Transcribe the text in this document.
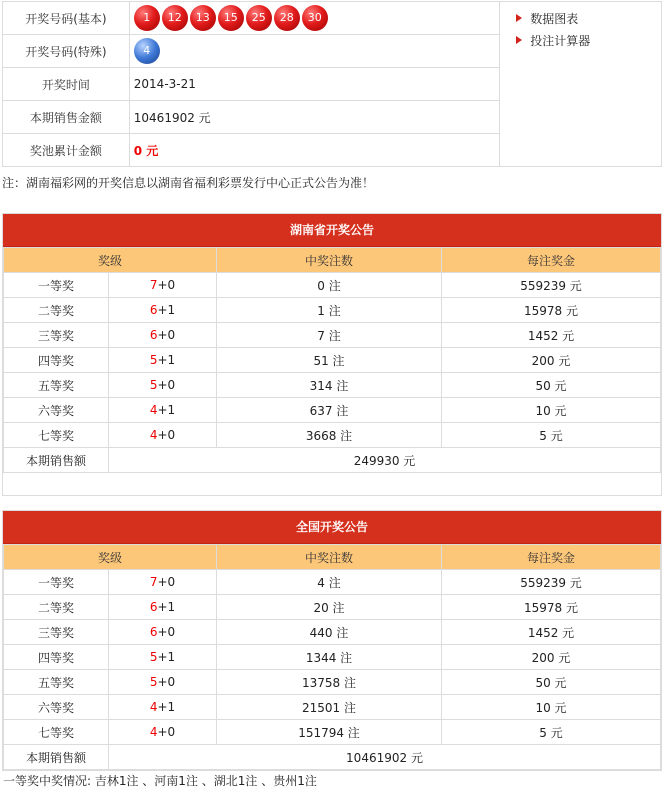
开奖号码(基本)	1 12 13 15 25 28 30	数据图表
投注计算器

开奖号码(特殊)	4	
开奖时间	2014-3-21	
本期销售金额	10461902 元	
奖池累计金额	0 元	
注：湖南福彩网的开奖信息以湖南省福利彩票发行中心正式公告为准！
湖南省开奖公告
奖级		中奖注数	每注奖金
一等奖	7+0	0 注	559239 元
二等奖	6+1	1 注	15978 元
三等奖	6+0	7 注	1452 元
四等奖	5+1	51 注	200 元
五等奖	5+0	314 注	50 元
六等奖	4+1	637 注	10 元
七等奖	4+0	3668 注	5 元
本期销售额	249930 元		
全国开奖公告
奖级		中奖注数	每注奖金
一等奖	7+0	4 注	559239 元
二等奖	6+1	20 注	15978 元
三等奖	6+0	440 注	1452 元
四等奖	5+1	1344 注	200 元
五等奖	5+0	13758 注	50 元
六等奖	4+1	21501 注	10 元
七等奖	4+0	151794 注	5 元
本期销售额	10461902 元		
一等奖中奖情况: 吉林1注 、河南1注 、湖北1注 、贵州1注
